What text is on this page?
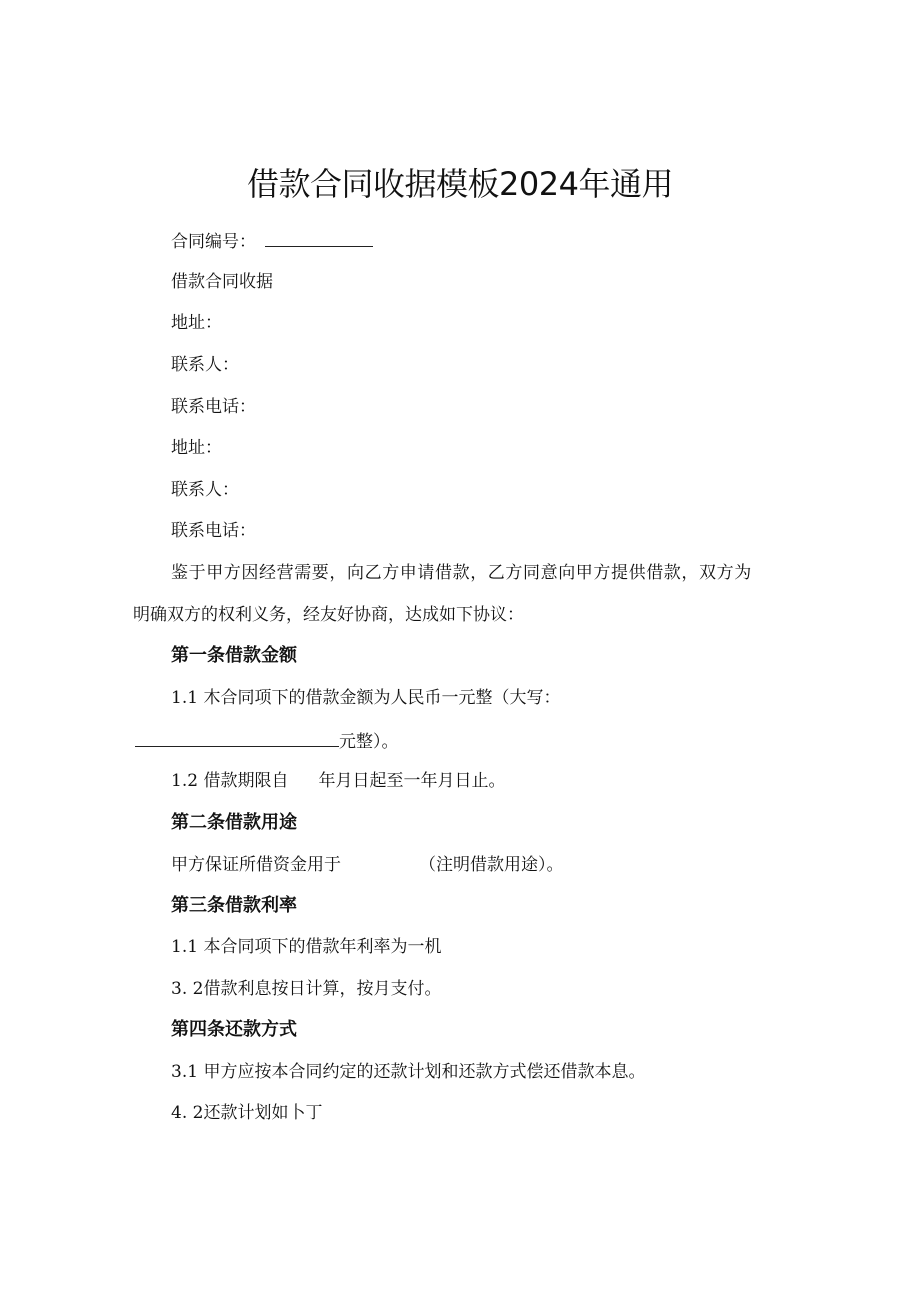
借款合同收据模板2024年通用
合同编号：
借款合同收据
地址：
联系人：
联系电话：
地址：
联系人：
联系电话：
鉴于甲方因经营需要，向乙方申请借款，乙方同意向甲方提供借款，双方为
明确双方的权利义务，经友好协商，达成如下协议：
第一条借款金额
1.1 木合同项下的借款金额为人民币一元整（大写：
元整）。
1.2 借款期限自 年月日起至一年月日止。
第二条借款用途
甲方保证所借资金用于	（注明借款用途）。
第三条借款利率
1.1 本合同项下的借款年利率为一机
3. 2借款利息按日计算，按月支付。
第四条还款方式
3.1 甲方应按本合同约定的还款计划和还款方式偿还借款本息。
4. 2还款计划如卜丁
